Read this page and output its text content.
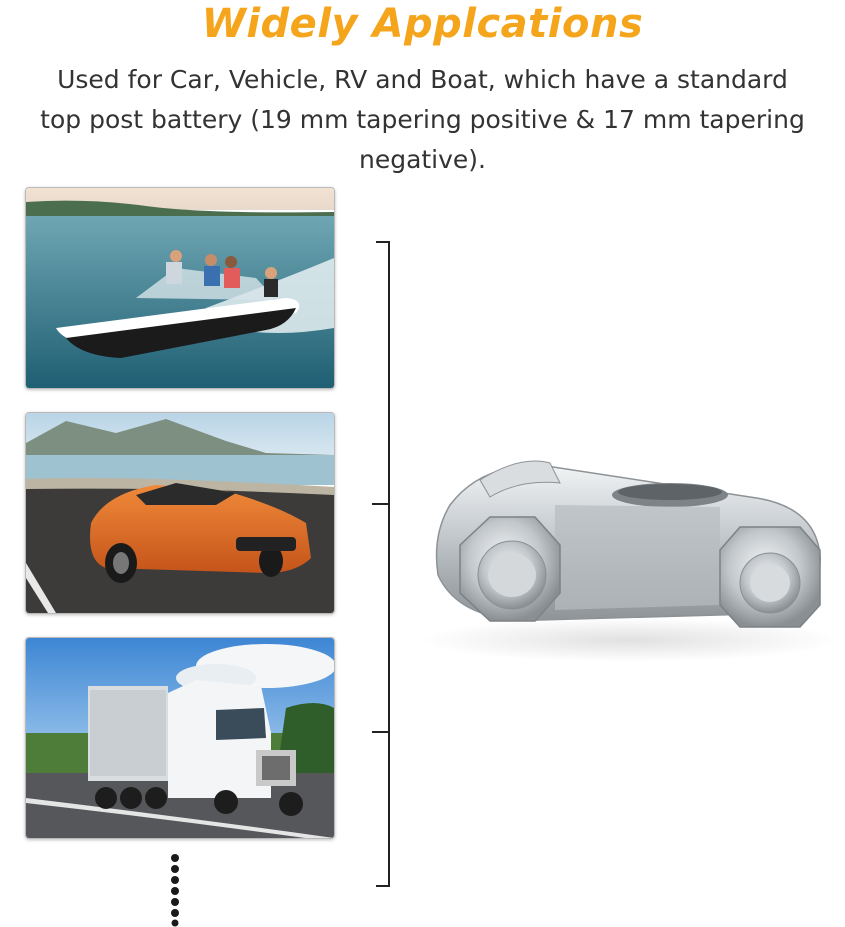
Widely Applcations
Used for Car, Vehicle, RV and Boat, which have a standard
top post battery (19 mm tapering positive & 17 mm tapering
negative).
